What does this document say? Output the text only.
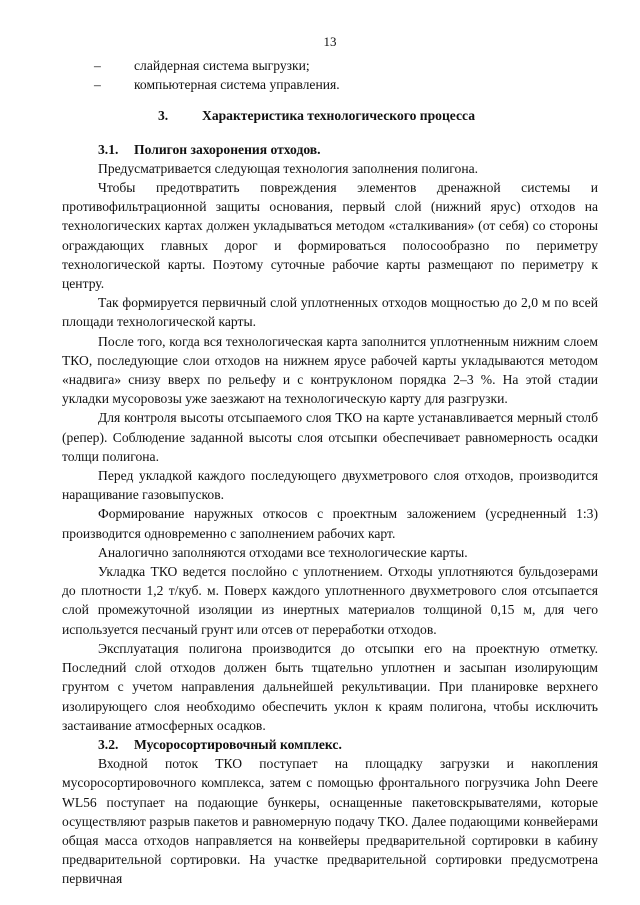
13
–	слайдерная система выгрузки;
–	компьютерная система управления.
3. Характеристика технологического процесса
3.1. Полигон захоронения отходов.

Предусматривается следующая технология заполнения полигона.

Чтобы предотвратить повреждения элементов дренажной системы и противофильтрационной защиты основания, первый слой (нижний ярус) отходов на технологических картах должен укладываться методом «сталкивания» (от себя) со стороны ограждающих главных дорог и формироваться полосообразно по периметру технологической карты. Поэтому суточные рабочие карты размещают по периметру к центру.

Так формируется первичный слой уплотненных отходов мощностью до 2,0 м по всей площади технологической карты.

После того, когда вся технологическая карта заполнится уплотненным нижним слоем ТКО, последующие слои отходов на нижнем ярусе рабочей карты укладываются методом «надвига» снизу вверх по рельефу и с контруклоном порядка 2–3 %. На этой стадии укладки мусоровозы уже заезжают на технологическую карту для разгрузки.

Для контроля высоты отсыпаемого слоя ТКО на карте устанавливается мерный столб (репер). Соблюдение заданной высоты слоя отсыпки обеспечивает равномерность осадки толщи полигона.

Перед укладкой каждого последующего двухметрового слоя отходов, производится наращивание газовыпусков.

Формирование наружных откосов с проектным заложением (усредненный 1:3) производится одновременно с заполнением рабочих карт.

Аналогично заполняются отходами все технологические карты.

Укладка ТКО ведется послойно с уплотнением. Отходы уплотняются бульдозерами до плотности 1,2 т/куб. м. Поверх каждого уплотненного двухметрового слоя отсыпается слой промежуточной изоляции из инертных материалов толщиной 0,15 м, для чего используется песчаный грунт или отсев от переработки отходов.

Эксплуатация полигона производится до отсыпки его на проектную отметку. Последний слой отходов должен быть тщательно уплотнен и засыпан изолирующим грунтом с учетом направления дальнейшей рекультивации. При планировке верхнего изолирующего слоя необходимо обеспечить уклон к краям полигона, чтобы исключить застаивание атмосферных осадков.

3.2. Мусоросортировочный комплекс.

Входной поток ТКО поступает на площадку загрузки и накопления мусоросортировочного комплекса, затем с помощью фронтального погрузчика John Deere WL56 поступает на подающие бункеры, оснащенные пакетовскрывателями, которые осуществляют разрыв пакетов и равномерную подачу ТКО. Далее подающими конвейерами общая масса отходов направляется на конвейеры предварительной сортировки в кабину предварительной сортировки. На участке предварительной сортировки предусмотрена первичная
